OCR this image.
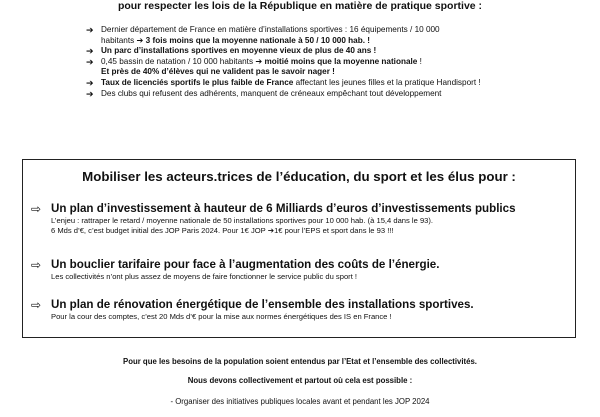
pour respecter les lois de la République en matière de pratique sportive :
➔ Dernier département de France en matière d’installations sportives : 16 équipements / 10 000
habitants ➔ 3 fois moins que la moyenne nationale à 50 / 10 000 hab. !
➔ Un parc d’installations sportives en moyenne vieux de plus de 40 ans !
➔ 0,45 bassin de natation / 10 000 habitants ➔ moitié moins que la moyenne nationale !
Et près de 40% d’élèves qui ne valident pas le savoir nager !
➔ Taux de licenciés sportifs le plus faible de France affectant les jeunes filles et la pratique Handisport !
➔ Des clubs qui refusent des adhérents, manquent de créneaux empêchant tout développement
Mobiliser les acteurs.trices de l’éducation, du sport et les élus pour :
⇨ Un plan d’investissement à hauteur de 6 Milliards d’euros d’investissements publics
L’enjeu : rattraper le retard / moyenne nationale de 50 installations sportives pour 10 000 hab. (à 15,4 dans le 93).
6 Mds d’€, c’est budget initial des JOP Paris 2024. Pour 1€ JOP ➔1€ pour l’EPS et sport dans le 93 !!!
⇨ Un bouclier tarifaire pour face à l’augmentation des coûts de l’énergie.
Les collectivités n’ont plus assez de moyens de faire fonctionner le service public du sport !
⇨ Un plan de rénovation énergétique de l’ensemble des installations sportives.
Pour la cour des comptes, c’est 20 Mds d’€ pour la mise aux normes énergétiques des IS en France !
Pour que les besoins de la population soient entendus par l’Etat et l’ensemble des collectivités.
Nous devons collectivement et partout où cela est possible :
- Organiser des initiatives publiques locales avant et pendant les JOP 2024
